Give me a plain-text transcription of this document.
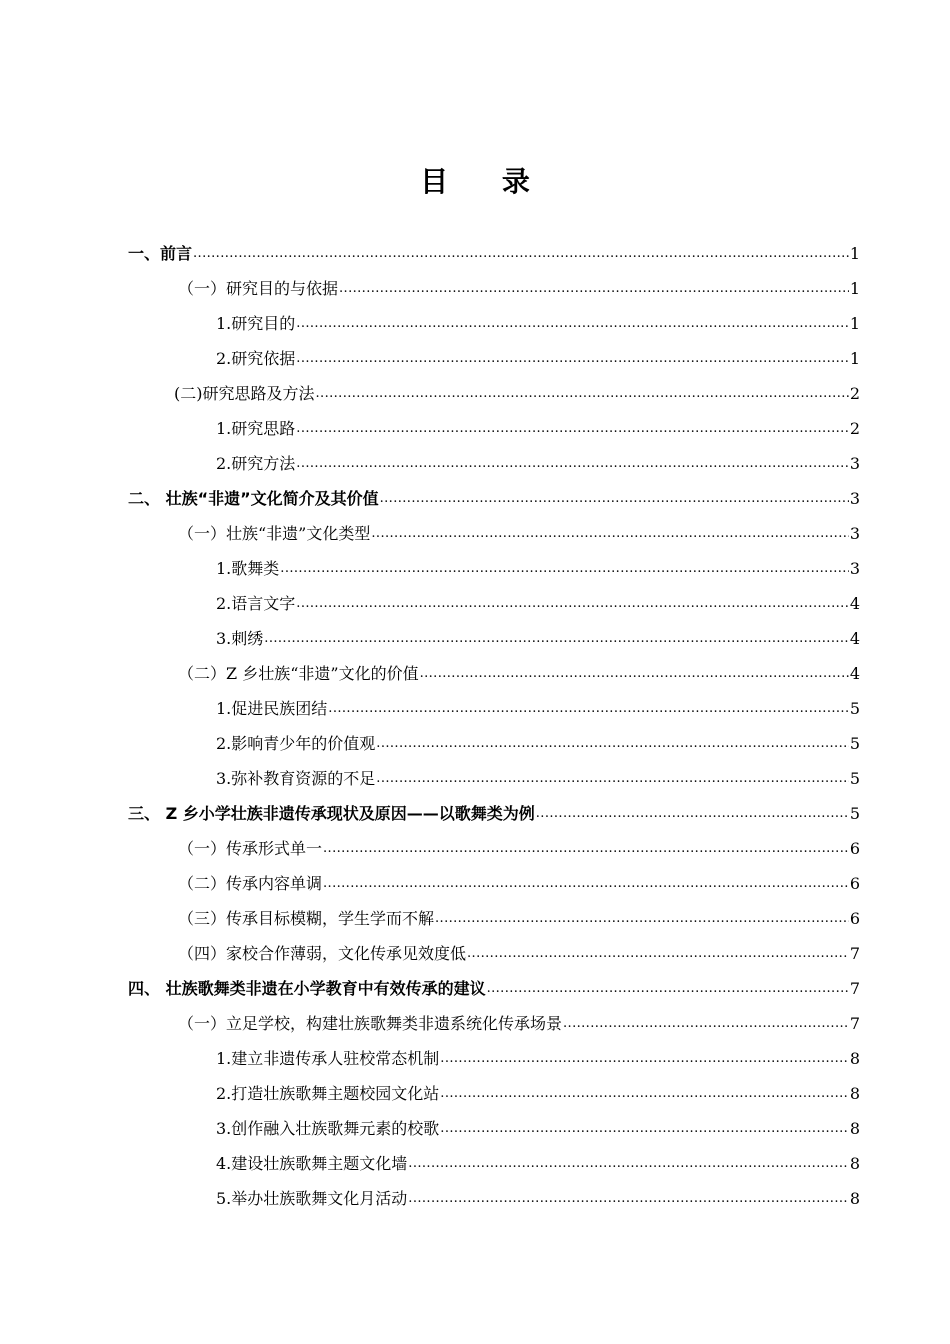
目 录
一、前言 .....	1
（一）研究目的与依据 .....	1
1.研究目的 .....	1
2.研究依据 .....	1
(二)研究思路及方法 .....	2
1.研究思路 .....	2
2.研究方法 .....	3
二、 壮族“非遗”文化简介及其价值 .....	3
（一）壮族“非遗”文化类型 .....	3
1.歌舞类 .....	3
2.语言文字 .....	4
3.刺绣 .....	4
（二）Z 乡壮族“非遗”文化的价值 .....	4
1.促进民族团结 .....	5
2.影响青少年的价值观 .....	5
3.弥补教育资源的不足 .....	5
三、 Z 乡小学壮族非遗传承现状及原因——以歌舞类为例 .....	5
（一）传承形式单一 .....	6
（二）传承内容单调 .....	6
（三）传承目标模糊，学生学而不解 .....	6
（四）家校合作薄弱，文化传承见效度低 .....	7
四、 壮族歌舞类非遗在小学教育中有效传承的建议 .....	7
（一）立足学校，构建壮族歌舞类非遗系统化传承场景 .....	7
1.建立非遗传承人驻校常态机制 .....	8
2.打造壮族歌舞主题校园文化站 .....	8
3.创作融入壮族歌舞元素的校歌 .....	8
4.建设壮族歌舞主题文化墙 .....	8
5.举办壮族歌舞文化月活动 .....	8
